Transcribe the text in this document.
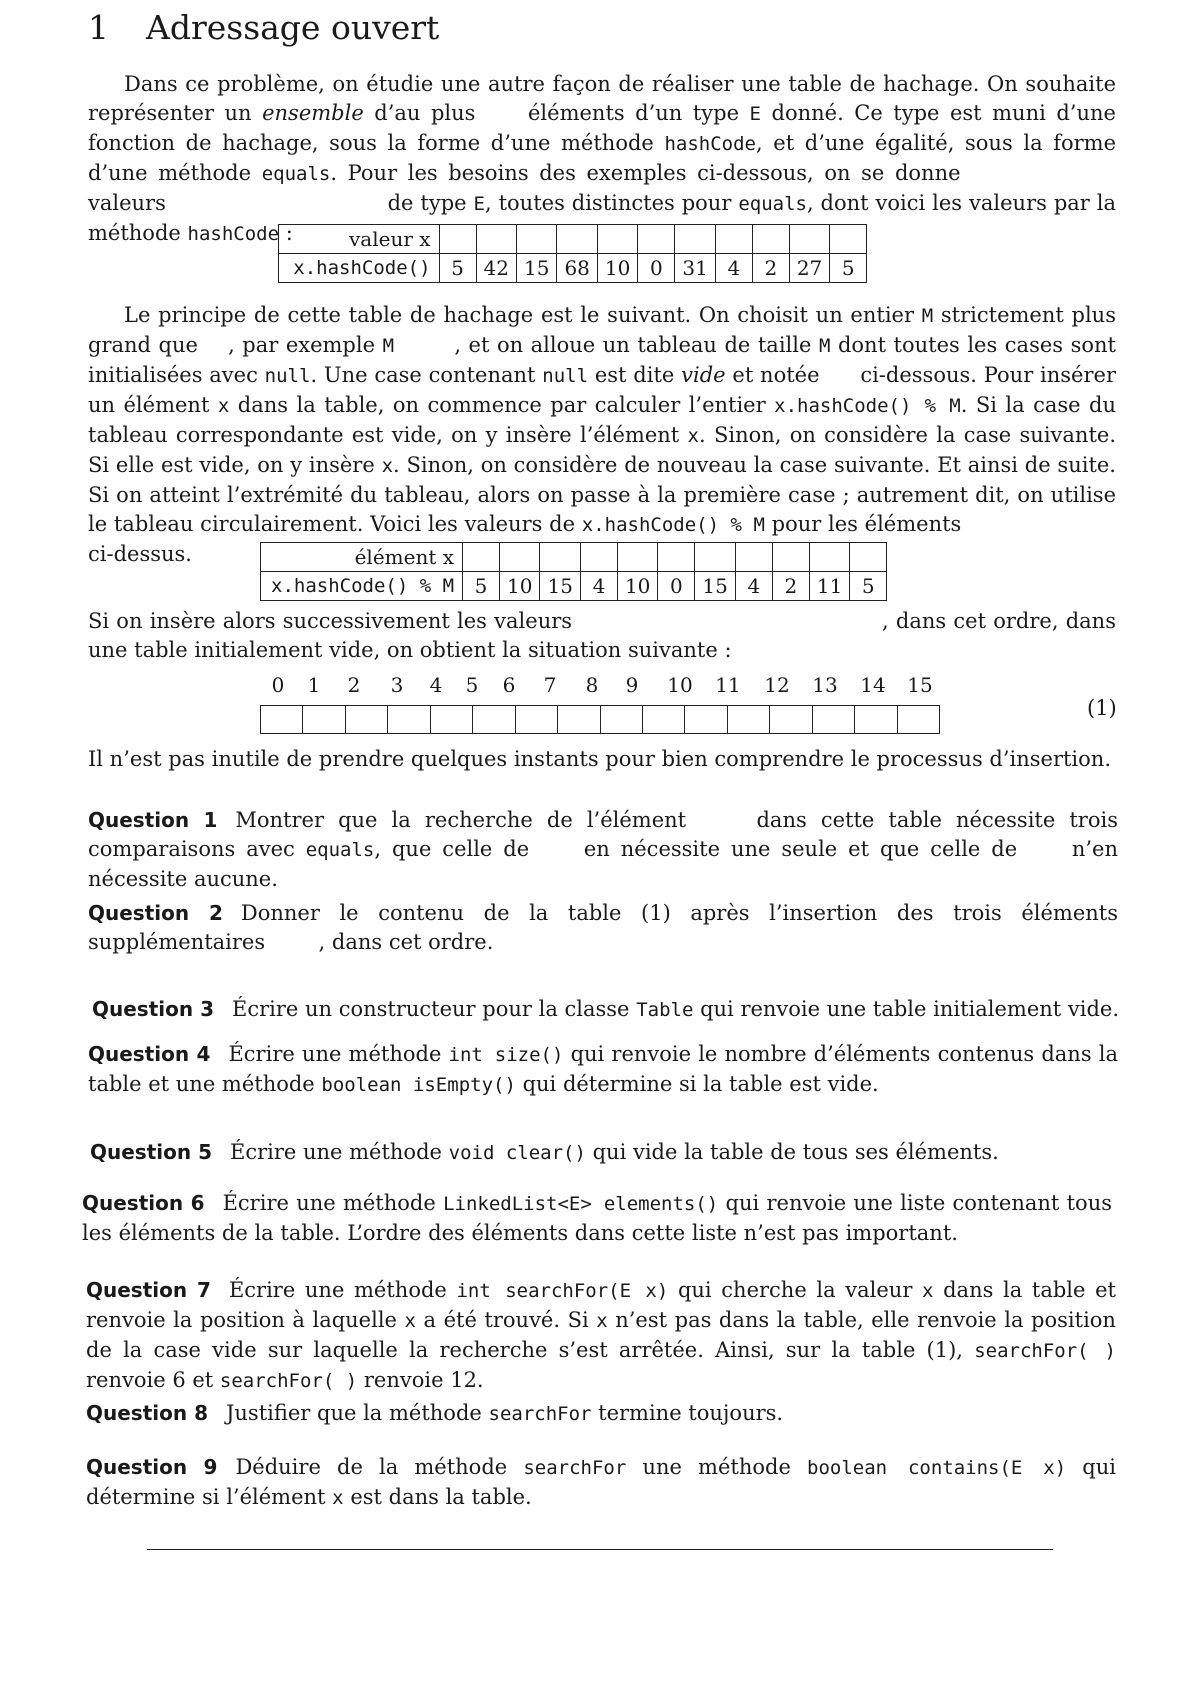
1 Adressage ouvert

Dans ce problème, on étudie une autre façon de réaliser une table de hachage. On souhaite représenter un ensemble d’au plus	éléments d’un type E donné. Ce type est muni d’une fonction de hachage, sous la forme d’une méthode hashCode, et d’une égalité, sous la forme d’une méthode equals. Pour les besoins des exemples ci-dessous, on se donne                valeurs	de type E, toutes distinctes pour equals, dont voici les valeurs par la méthode hashCode :	valeur x											
x.hashCode()	5	42	15	68	10	0	31	4	2	27	5

Le principe de cette table de hachage est le suivant. On choisit un entier M strictement plus grand que , par exemple M	, et on alloue un tableau de taille M dont toutes les cases sont initialisées avec null. Une case contenant null est dite vide et notée ci-dessous. Pour insérer un élément x dans la table, on commence par calculer l’entier x.hashCode() % M. Si la case du tableau correspondante est vide, on y insère l’élément x. Sinon, on considère la case suivante. Si elle est vide, on y insère x. Sinon, on considère de nouveau la case suivante. Et ainsi de suite. Si on atteint l’extrémité du tableau, alors on passe à la première case ; autrement dit, on utilise le tableau circulairement. Voici les valeurs de x.hashCode() % M pour les éléments                        ci-dessus.	élément x											
x.hashCode() % M	5	10	15	4	10	0	15	4	2	11	5

Si on insère alors successivement les valeurs	, dans cet ordre, dans une table initialement vide, on obtient la situation suivante :

0	1	2	3	4	5	6	7	8	9	10	11	12	13	14	15
(1)

Il n’est pas inutile de prendre quelques instants pour bien comprendre le processus d’insertion.

Question 1 Montrer que la recherche de l’élément	dans cette table nécessite trois comparaisons avec equals, que celle de	en nécessite une seule et que celle de	n’en nécessite aucune.

Question 2 Donner le contenu de la table (1) après l’insertion des trois éléments supplémentaires	, dans cet ordre.

Question 3 Écrire un constructeur pour la classe Table qui renvoie une table initialement vide.

Question 4 Écrire une méthode int size() qui renvoie le nombre d’éléments contenus dans la table et une méthode boolean isEmpty() qui détermine si la table est vide.

Question 5 Écrire une méthode void clear() qui vide la table de tous ses éléments.

Question 6 Écrire une méthode LinkedList<E> elements() qui renvoie une liste contenant tous les éléments de la table. L’ordre des éléments dans cette liste n’est pas important.

Question 7 Écrire une méthode int searchFor(E x) qui cherche la valeur x dans la table et renvoie la position à laquelle x a été trouvé. Si x n’est pas dans la table, elle renvoie la position de la case vide sur laquelle la recherche s’est arrêtée. Ainsi, sur la table (1), searchFor( ) renvoie 6 et searchFor( ) renvoie 12.

Question 8 Justifier que la méthode searchFor termine toujours.

Question 9 Déduire de la méthode searchFor une méthode boolean contains(E x) qui détermine si l’élément x est dans la table.
